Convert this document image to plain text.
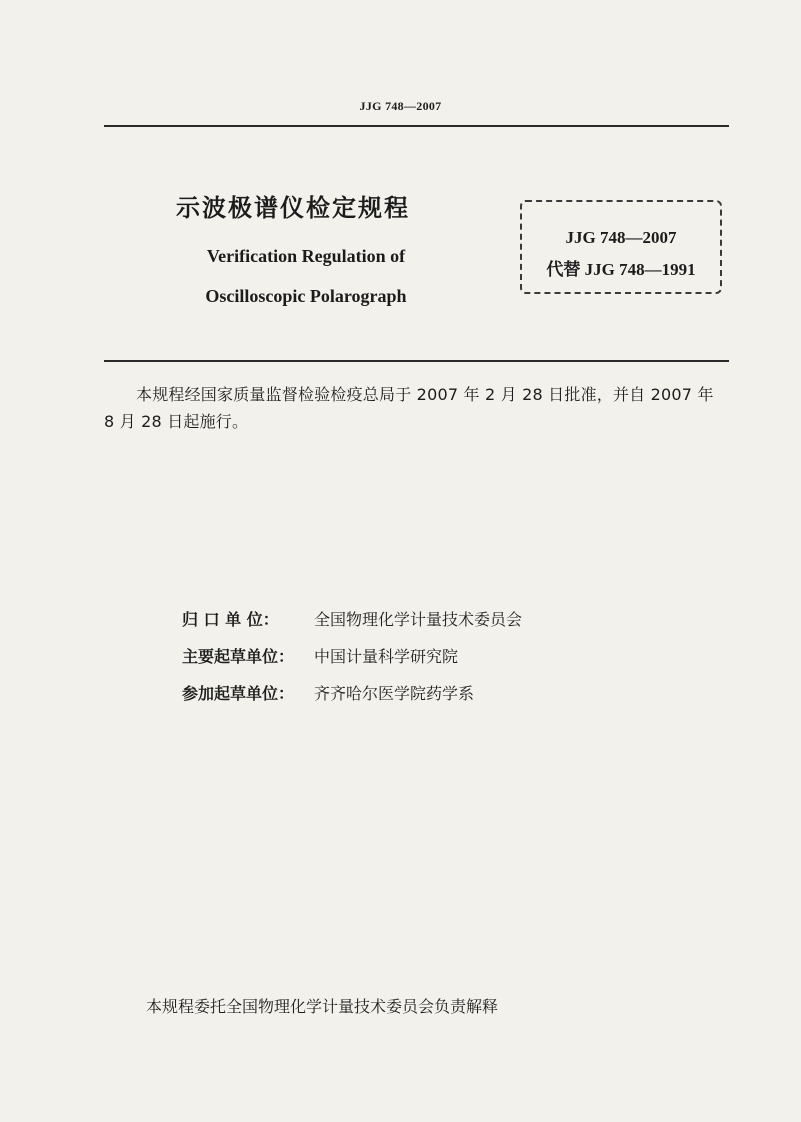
JJG 748—2007
示波极谱仪检定规程
Verification Regulation of
Oscilloscopic Polarograph
JJG 748—2007
代替 JJG 748—1991

本规程经国家质量监督检验检疫总局于 2007 年 2 月 28 日批准，并自 2007 年 8 月 28 日起施行。

归 口 单 位： 全国物理化学计量技术委员会
主要起草单位： 中国计量科学研究院
参加起草单位： 齐齐哈尔医学院药学系
本规程委托全国物理化学计量技术委员会负责解释
